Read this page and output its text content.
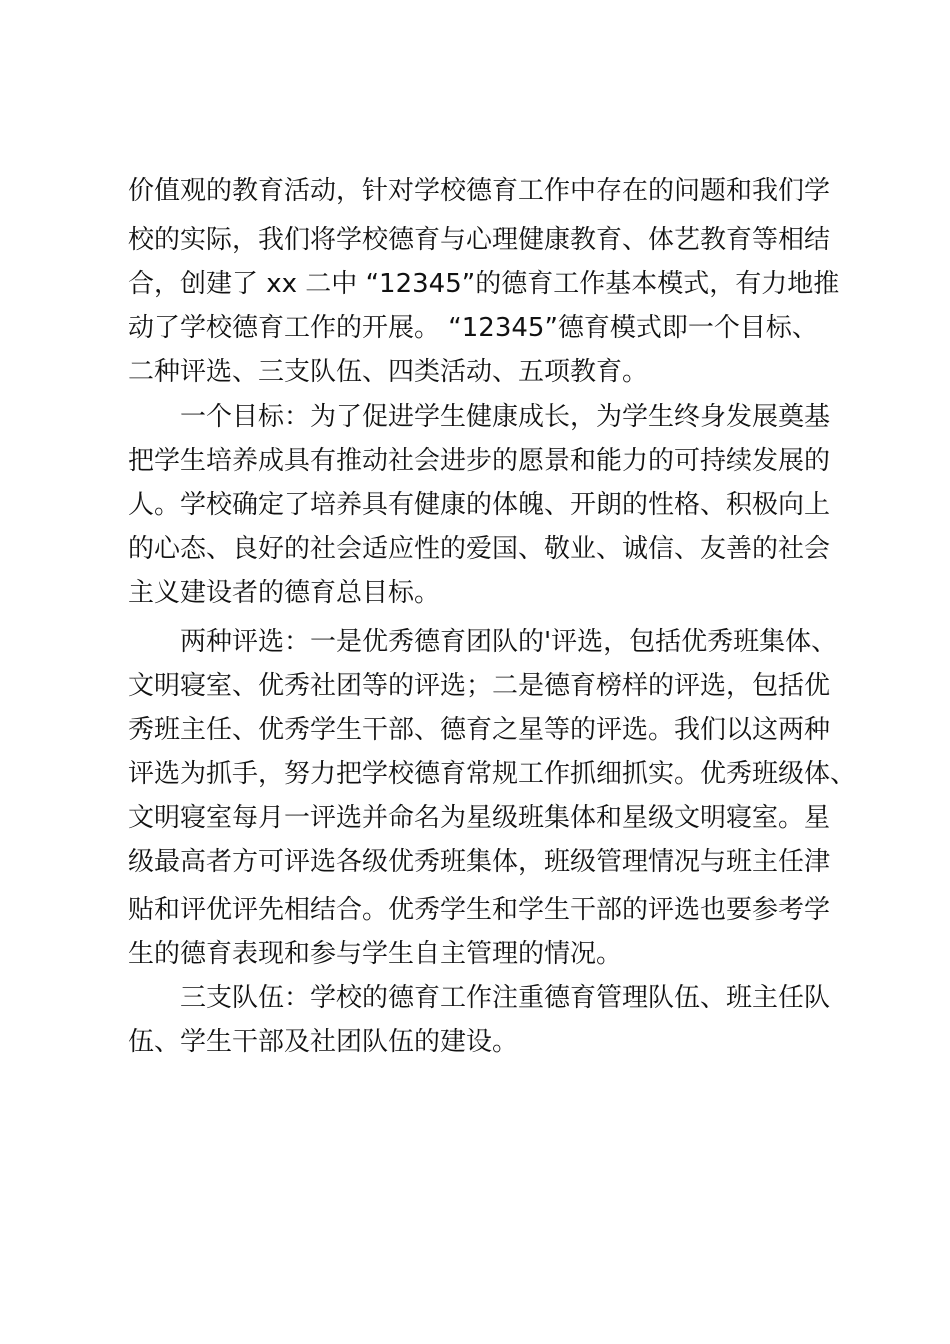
价值观的教育活动，针对学校德育工作中存在的问题和我们学

校的实际，我们将学校德育与心理健康教育、体艺教育等相结

合，创建了 xx 二中 “12345”的德育工作基本模式，有力地推

动了学校德育工作的开展。 “12345”德育模式即一个目标、

二种评选、三支队伍、四类活动、五项教育。

一个目标：为了促进学生健康成长，为学生终身发展奠基

把学生培养成具有推动社会进步的愿景和能力的可持续发展的

人。学校确定了培养具有健康的体魄、开朗的性格、积极向上

的心态、良好的社会适应性的爱国、敬业、诚信、友善的社会

主义建设者的德育总目标。

两种评选：一是优秀德育团队的'评选，包括优秀班集体、

文明寝室、优秀社团等的评选；二是德育榜样的评选，包括优

秀班主任、优秀学生干部、德育之星等的评选。我们以这两种

评选为抓手，努力把学校德育常规工作抓细抓实。优秀班级体、

文明寝室每月一评选并命名为星级班集体和星级文明寝室。星

级最高者方可评选各级优秀班集体，班级管理情况与班主任津

贴和评优评先相结合。优秀学生和学生干部的评选也要参考学

生的德育表现和参与学生自主管理的情况。

三支队伍：学校的德育工作注重德育管理队伍、班主任队

伍、学生干部及社团队伍的建设。
